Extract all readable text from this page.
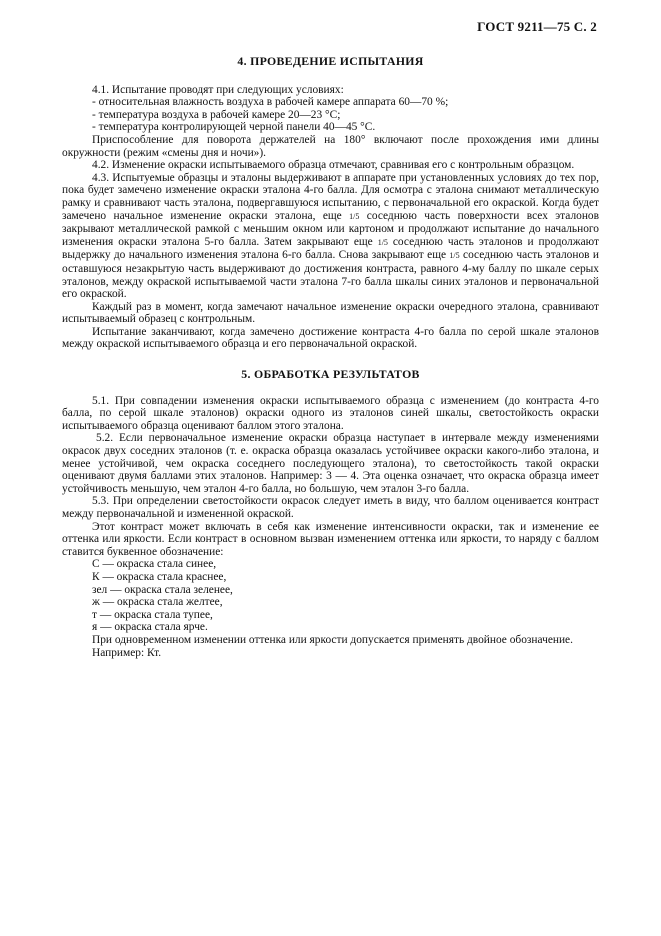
ГОСТ 9211—75 С. 2
4. ПРОВЕДЕНИЕ ИСПЫТАНИЯ

4.1. Испытание проводят при следующих условиях:

- относительная влажность воздуха в рабочей камере аппарата 60—70 %;

- температура воздуха в рабочей камере 20—23 °С;

- температура контролирующей черной панели 40—45 °С.

Приспособление для поворота держателей на 180° включают после прохождения ими длины окружности (режим «смены дня и ночи»).

4.2. Изменение окраски испытываемого образца отмечают, сравнивая его с контрольным образцом.

4.3. Испытуемые образцы и эталоны выдерживают в аппарате при установленных условиях до тех пор, пока будет замечено изменение окраски эталона 4-го балла. Для осмотра с эталона снимают металлическую рамку и сравнивают часть эталона, подвергавшуюся испытанию, с первоначальной его окраской. Когда будет замечено начальное изменение окраски эталона, еще 1/5 соседнюю часть поверхности всех эталонов закрывают металлической рамкой с меньшим окном или картоном и продолжают испытание до начального изменения окраски эталона 5-го балла. Затем закрывают еще 1/5 соседнюю часть эталонов и продолжают выдержку до начального изменения эталона 6-го балла. Снова закрывают еще 1/5 соседнюю часть эталонов и оставшуюся незакрытую часть выдерживают до достижения контраста, равного 4-му баллу по шкале серых эталонов, между окраской испытываемой части эталона 7-го балла шкалы синих эталонов и первоначальной его окраской.

Каждый раз в момент, когда замечают начальное изменение окраски очередного эталона, сравнивают испытываемый образец с контрольным.

Испытание заканчивают, когда замечено достижение контраста 4-го балла по серой шкале эталонов между окраской испытываемого образца и его первоначальной окраской.

5. ОБРАБОТКА РЕЗУЛЬТАТОВ

5.1. При совпадении изменения окраски испытываемого образца с изменением (до контраста 4-го балла, по серой шкале эталонов) окраски одного из эталонов синей шкалы, светостойкость окраски испытываемого образца оценивают баллом этого эталона.

5.2. Если первоначальное изменение окраски образца наступает в интервале между изменениями окрасок двух соседних эталонов (т. е. окраска образца оказалась устойчивее окраски какого-либо эталона, и менее устойчивой, чем окраска соседнего последующего эталона), то светостойкость такой окраски оценивают двумя баллами этих эталонов. Например: 3 — 4. Эта оценка означает, что окраска образца имеет устойчивость меньшую, чем эталон 4-го балла, но большую, чем эталон 3-го балла.

5.3. При определении светостойкости окрасок следует иметь в виду, что баллом оценивается контраст между первоначальной и измененной окраской.

Этот контраст может включать в себя как изменение интенсивности окраски, так и изменение ее оттенка или яркости. Если контраст в основном вызван изменением оттенка или яркости, то наряду с баллом ставится буквенное обозначение:

С — окраска стала синее,

К — окраска стала краснее,

зел — окраска стала зеленее,

ж — окраска стала желтее,

т — окраска стала тупее,

я — окраска стала ярче.

При одновременном изменении оттенка или яркости допускается применять двойное обозначение.

Например: Кт.
